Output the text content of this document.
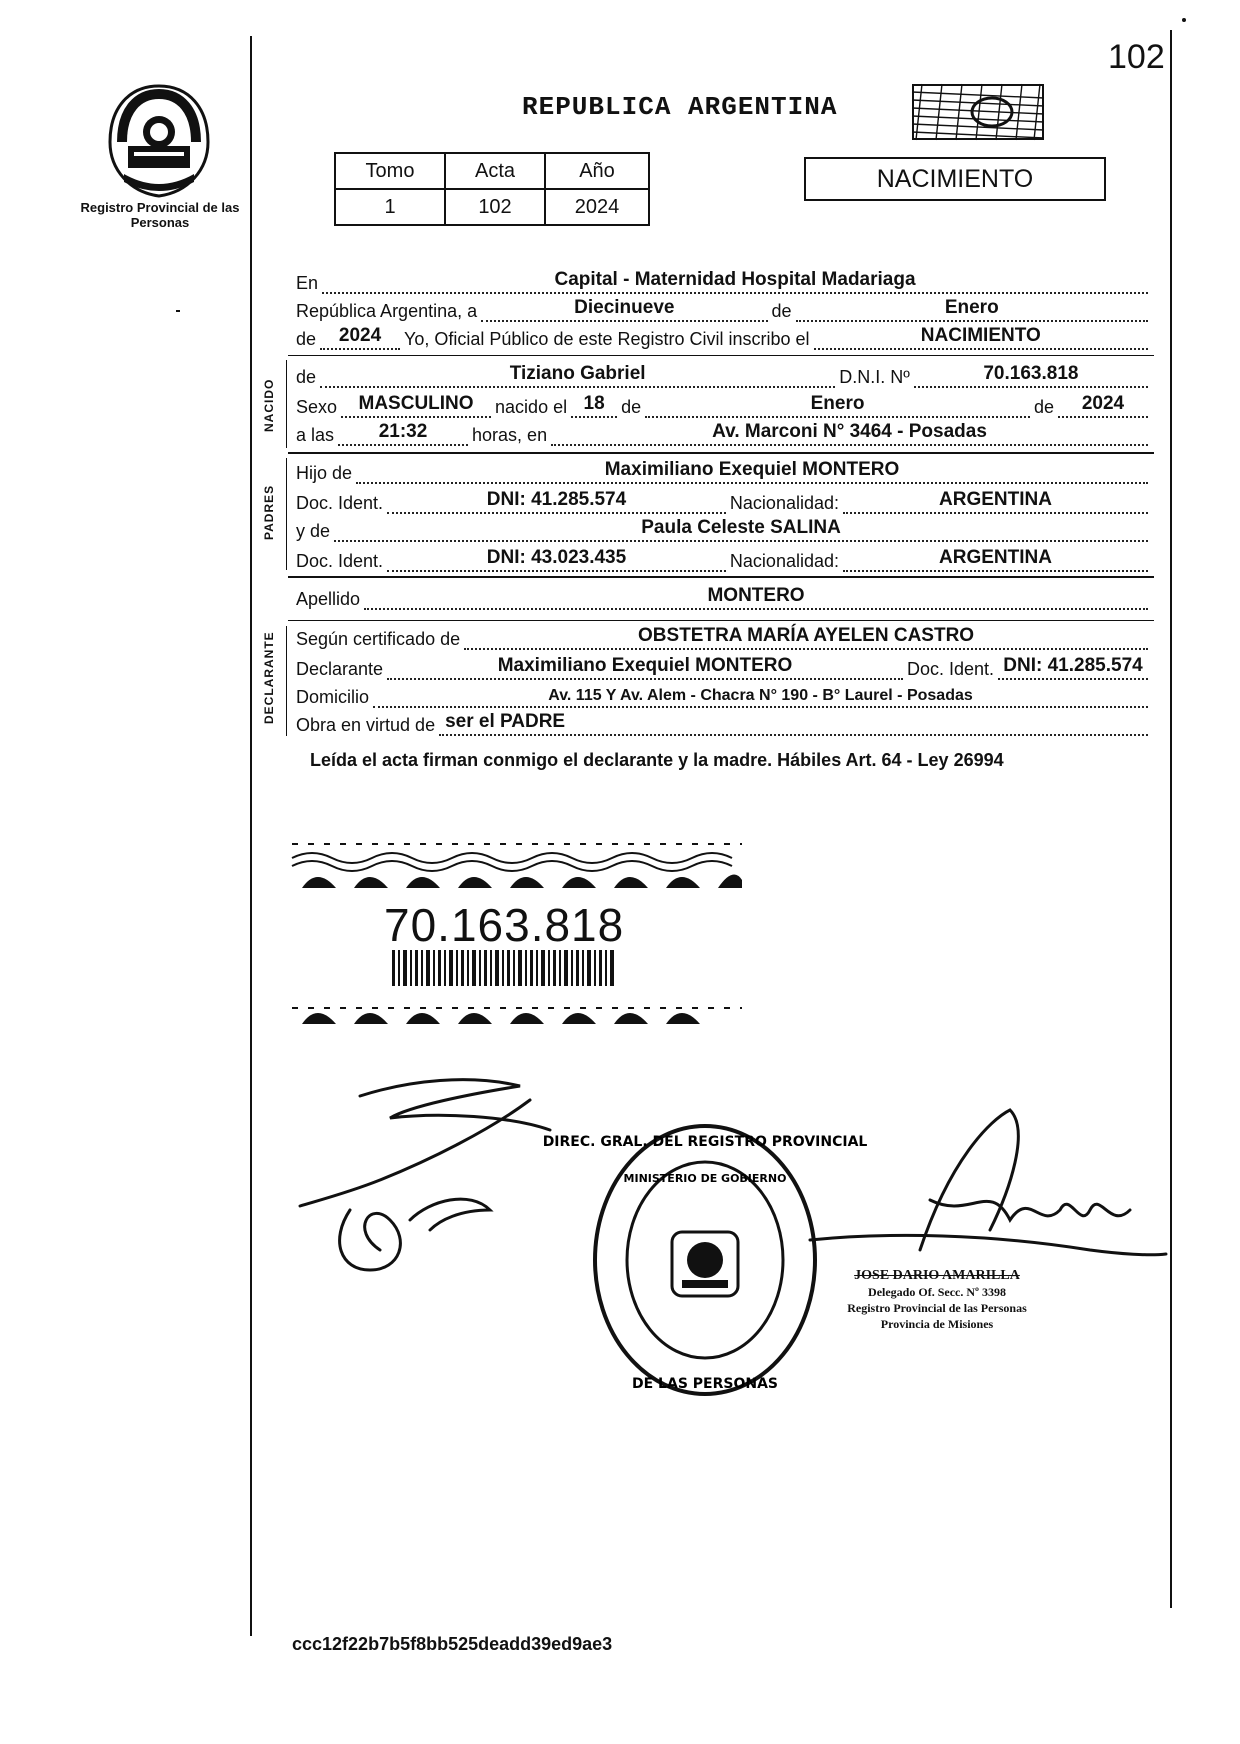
102
Registro Provincial de las Personas
REPUBLICA ARGENTINA
Tomo	Acta	Año
1	102	2024
NACIMIENTO
En	Capital - Maternidad Hospital Madariaga
República Argentina, a	Diecinueve	de	Enero
de	2024	Yo, Oficial Público de este Registro Civil inscribo el	NACIMIENTO
NACIDO
de	Tiziano Gabriel	D.N.I. Nº	70.163.818
Sexo	MASCULINO	nacido el 18 de	Enero	de	2024
a las	21:32	horas, en	Av. Marconi N° 3464 - Posadas
PADRES
Hijo de	Maximiliano Exequiel MONTERO
Doc. Ident.	DNI: 41.285.574	Nacionalidad:	ARGENTINA
y de	Paula Celeste SALINA
Doc. Ident.	DNI: 43.023.435	Nacionalidad:	ARGENTINA
Apellido	MONTERO
DECLARANTE Según certificado de	OBSTETRA MARÍA AYELEN CASTRO
Declarante	Maximiliano Exequiel MONTERO	Doc. Ident. DNI: 41.285.574
Domicilio	Av. 115 Y Av. Alem - Chacra N° 190 - B° Laurel - Posadas
Obra en virtud de ser el PADRE
Leída el acta firman conmigo el declarante y la madre. Hábiles Art. 64 - Ley 26994
70.163.818
DIREC. GRAL. DEL REGISTRO PROVINCIAL
DE LAS PERSONAS
MINISTERIO DE GOBIERNO
JOSE DARIO AMARILLA
Delegado Of. Secc. Nº 3398
Registro Provincial de las Personas
Provincia de Misiones
ccc12f22b7b5f8bb525deadd39ed9ae3
